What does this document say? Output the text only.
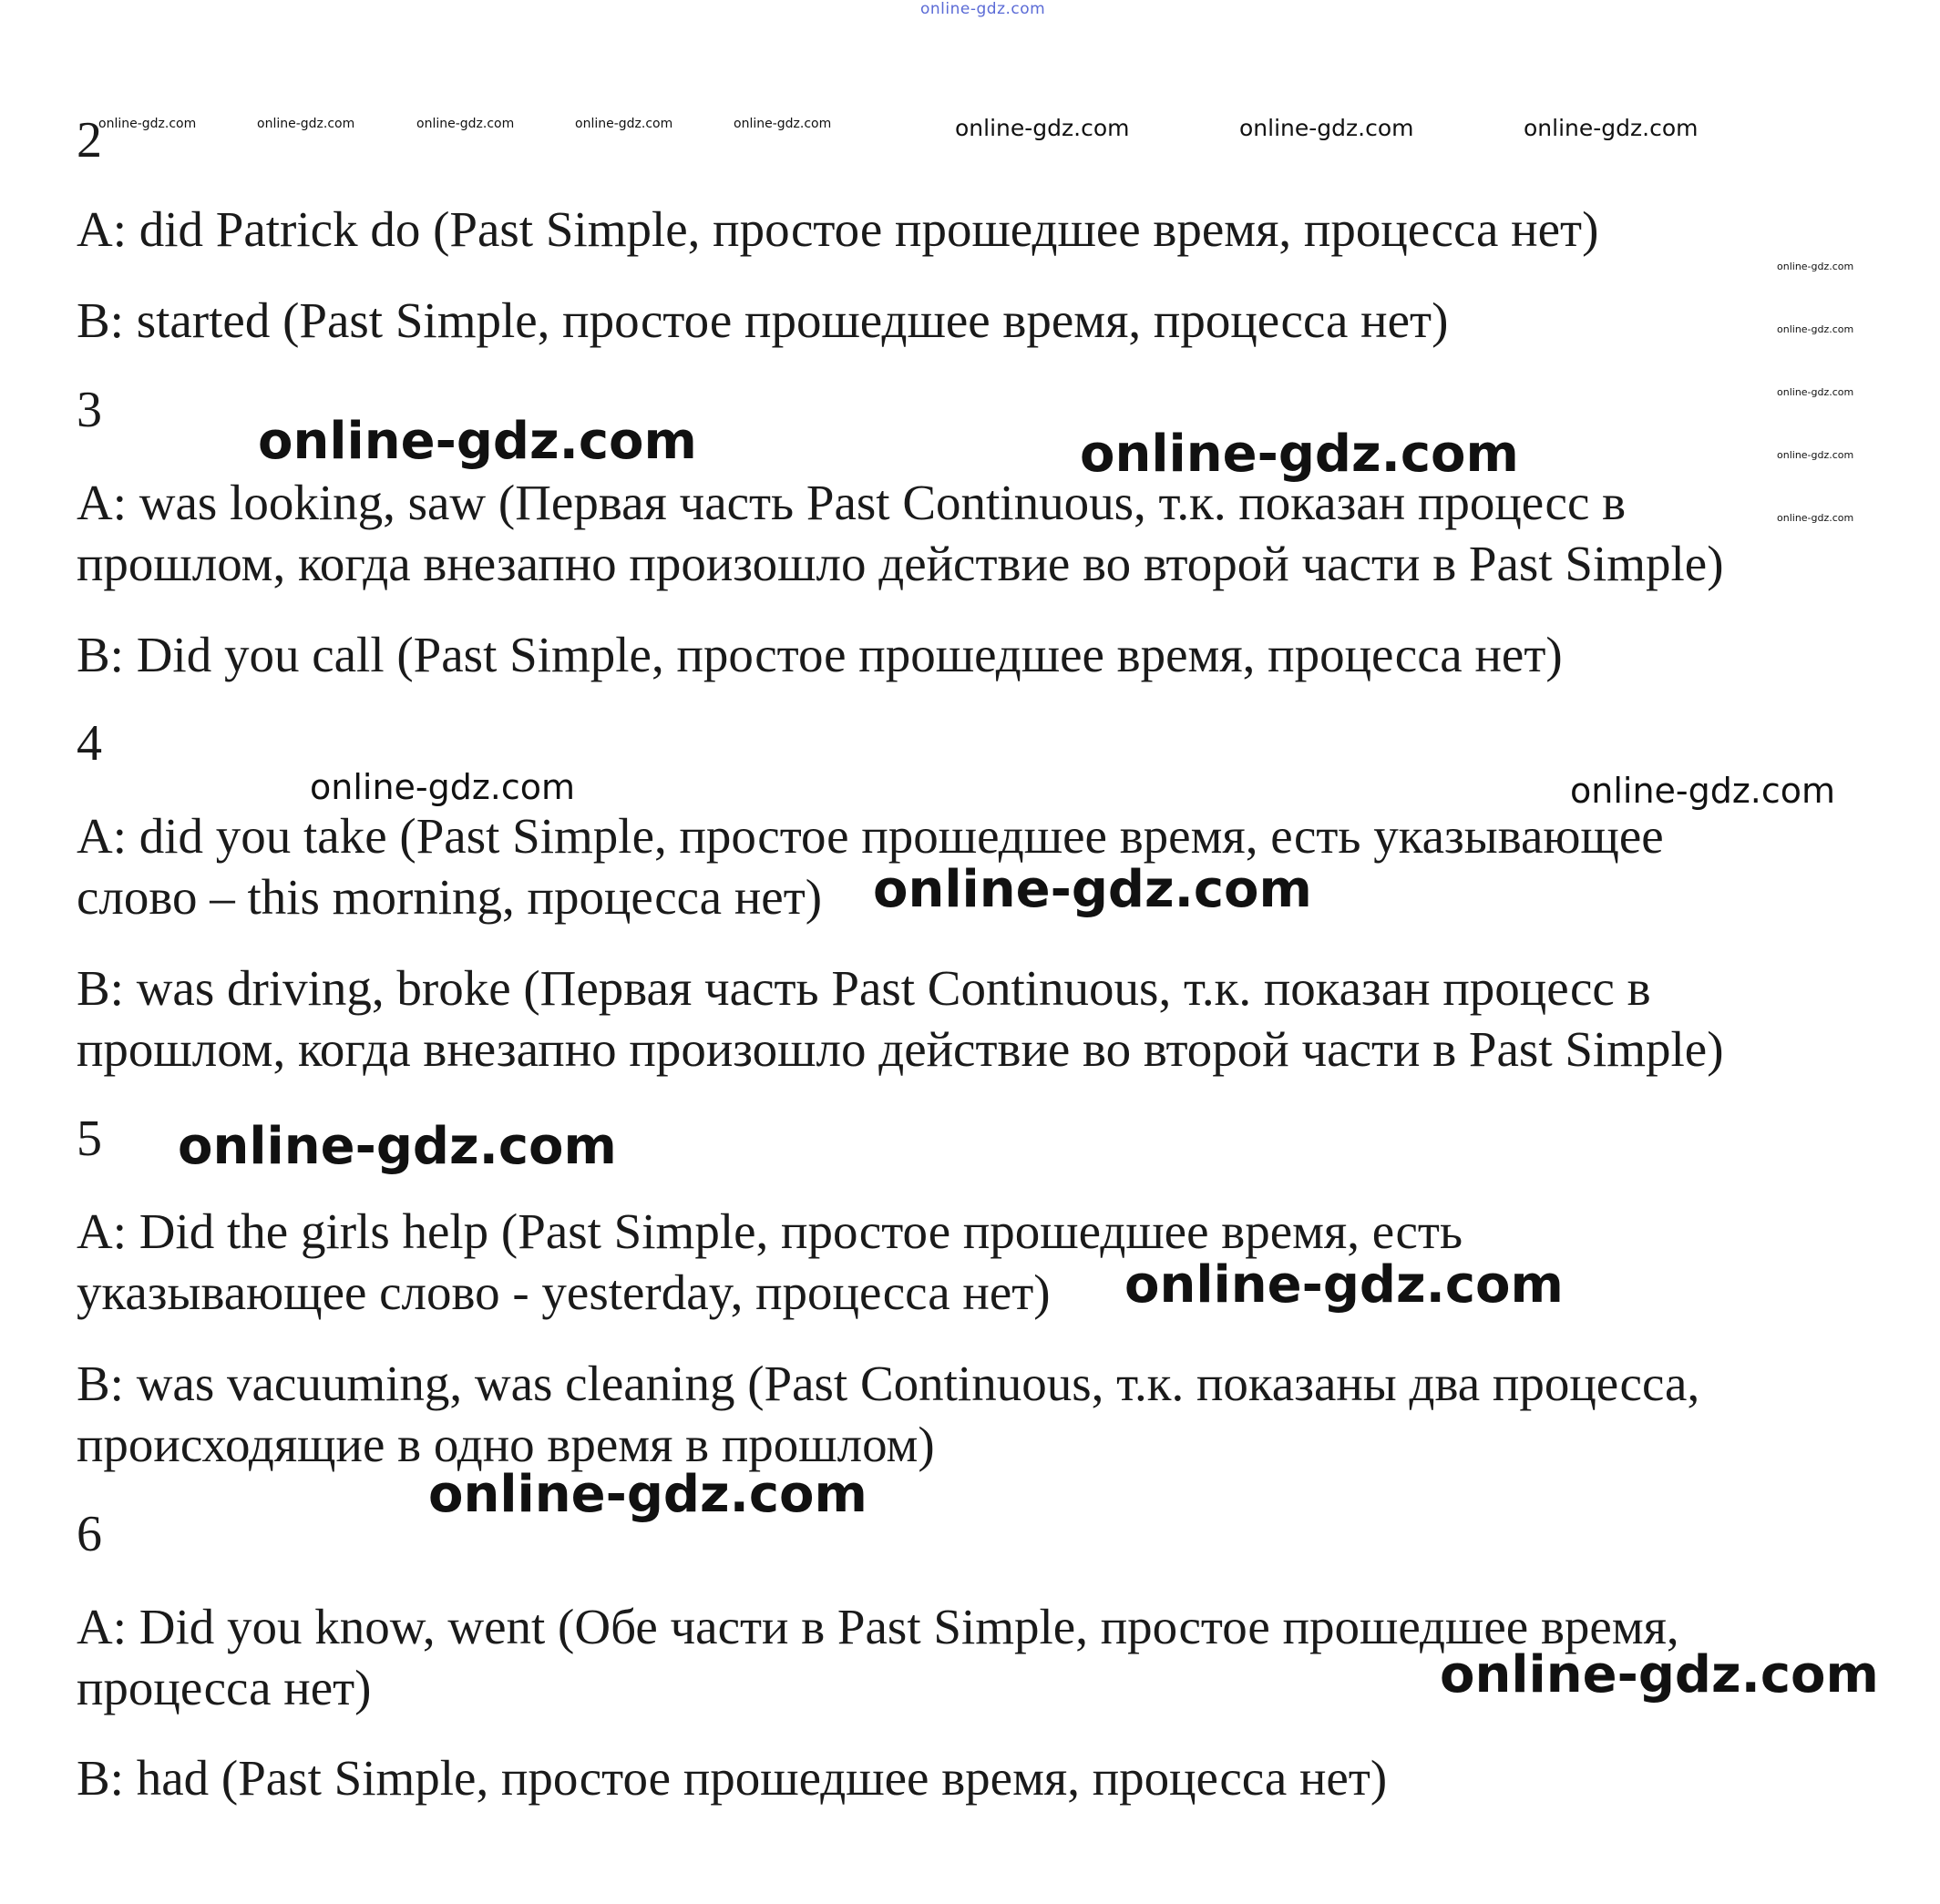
online-gdz.com
online-gdz.com	online-gdz.com	online-gdz.com	online-gdz.com	online-gdz.com	online-gdz.com	online-gdz.com	online-gdz.com
online-gdz.com
online-gdz.com
online-gdz.com
online-gdz.com
online-gdz.com
2
A: did Patrick do (Past Simple, простое прошедшее время, процесса нет)
B: started (Past Simple, простое прошедшее время, процесса нет)
3
online-gdz.com	online-gdz.com
A: was looking, saw (Первая часть Past Continuous, т.к. показан процесс в
прошлом, когда внезапно произошло действие во второй части в Past Simple)
B: Did you call (Past Simple, простое прошедшее время, процесса нет)
4
online-gdz.com	online-gdz.com
A: did you take (Past Simple, простое прошедшее время, есть указывающее
слово – this morning, процесса нет) online-gdz.com
B: was driving, broke (Первая часть Past Continuous, т.к. показан процесс в
прошлом, когда внезапно произошло действие во второй части в Past Simple)
5 online-gdz.com
A: Did the girls help (Past Simple, простое прошедшее время, есть
указывающее слово - yesterday, процесса нет) online-gdz.com
B: was vacuuming, was cleaning (Past Continuous, т.к. показаны два процесса,
происходящие в одно время в прошлом)
online-gdz.com
6
A: Did you know, went (Обе части в Past Simple, простое прошедшее время,
процесса нет)	online-gdz.com
B: had (Past Simple, простое прошедшее время, процесса нет)
